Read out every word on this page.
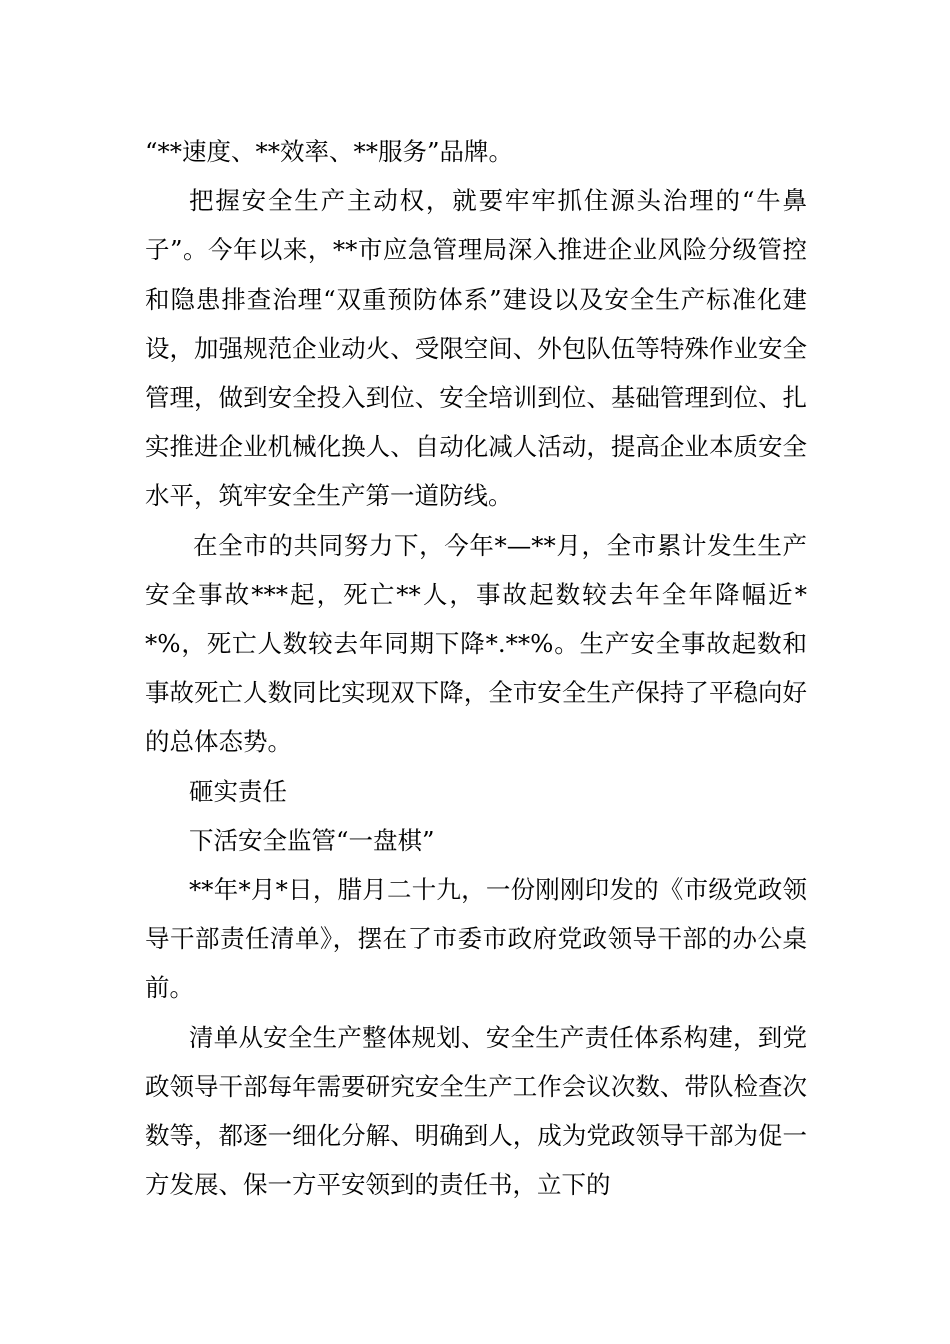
“**速度、**效率、**服务”品牌。

把握安全生产主动权，就要牢牢抓住源头治理的“牛鼻子”。今年以来，**市应急管理局深入推进企业风险分级管控和隐患排查治理“双重预防体系”建设以及安全生产标准化建设，加强规范企业动火、受限空间、外包队伍等特殊作业安全管理，做到安全投入到位、安全培训到位、基础管理到位、扎实推进企业机械化换人、自动化减人活动，提高企业本质安全水平，筑牢安全生产第一道防线。

在全市的共同努力下，今年*—**月，全市累计发生生产安全事故***起，死亡**人，事故起数较去年全年降幅近**%，死亡人数较去年同期下降*.**%。生产安全事故起数和事故死亡人数同比实现双下降，全市安全生产保持了平稳向好的总体态势。

砸实责任

下活安全监管“一盘棋”

**年*月*日，腊月二十九，一份刚刚印发的《市级党政领导干部责任清单》，摆在了市委市政府党政领导干部的办公桌前。

清单从安全生产整体规划、安全生产责任体系构建，到党政领导干部每年需要研究安全生产工作会议次数、带队检查次数等，都逐一细化分解、明确到人，成为党政领导干部为促一方发展、保一方平安领到的责任书，立下的
